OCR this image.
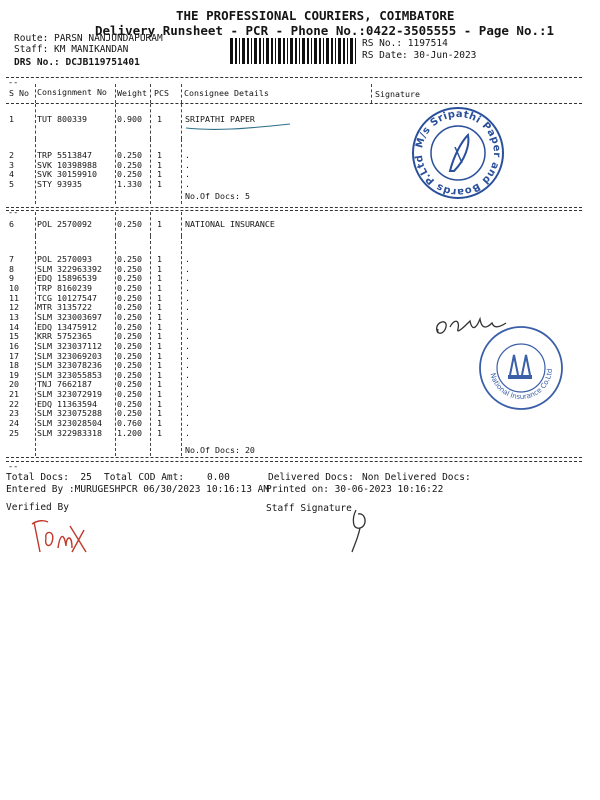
THE PROFESSIONAL COURIERS, COIMBATORE
Delivery Runsheet - PCR - Phone No.:0422-3505555 - Page No.:1
Route: PARSN NANJUNDAPURAM
Staff: KM MANIKANDAN
DRS No.: DCJB119751401
RS No.: 1197514
RS Date: 30-Jun-2023
--
S No Consignment No Weight PCS Consignee Details	Signature
1	TUT 800339	0.900 1	SRIPATHI PAPER
2	TRP 5513847	0.250 1	.
3	SVK 10398988 0.250 1	.
4	SVK 30159910 0.250 1	.
5	STY 93935	1.330 1	.
No.Of Docs: 5
6	POL 2570092	0.250 1	NATIONAL INSURANCE
7	POL 2570093	0.250 1	.
8	SLM 322963392 0.250 1	.
9	EDQ 15896539 0.250 1	.
10 TRP 8160239	0.250 1	.
11 TCG 10127547 0.250 1	.
12 MTR 3135722	0.250 1	.
13 SLM 323003697 0.250 1	.
14 EDQ 13475912 0.250 1	.
15 KRR 5752365	0.250 1	.
16 SLM 323037112 0.250 1	.
17 SLM 323069203 0.250 1	.
18 SLM 323078236 0.250 1	.
19 SLM 323055853 0.250 1	.
20 TNJ 7662187	0.250 1	.
21 SLM 323072919 0.250 1	.
22 EDQ 11363594 0.250 1	.
23 SLM 323075288 0.250 1	.
24 SLM 323028504 0.760 1	.
25 SLM 322983318 1.200 1	.
No.Of Docs: 20
--
M/s Sripathi Paper and Boards P.Ltd
National Insurance Co.Ltd
--
Total Docs:  25 Total COD Amt:    0.00	Delivered Docs: Non Delivered Docs:
Entered By :MURUGESHPCR 06/30/2023 10:16:13 AM
Printed on: 30-06-2023 10:16:22
Verified By	Staff Signature
